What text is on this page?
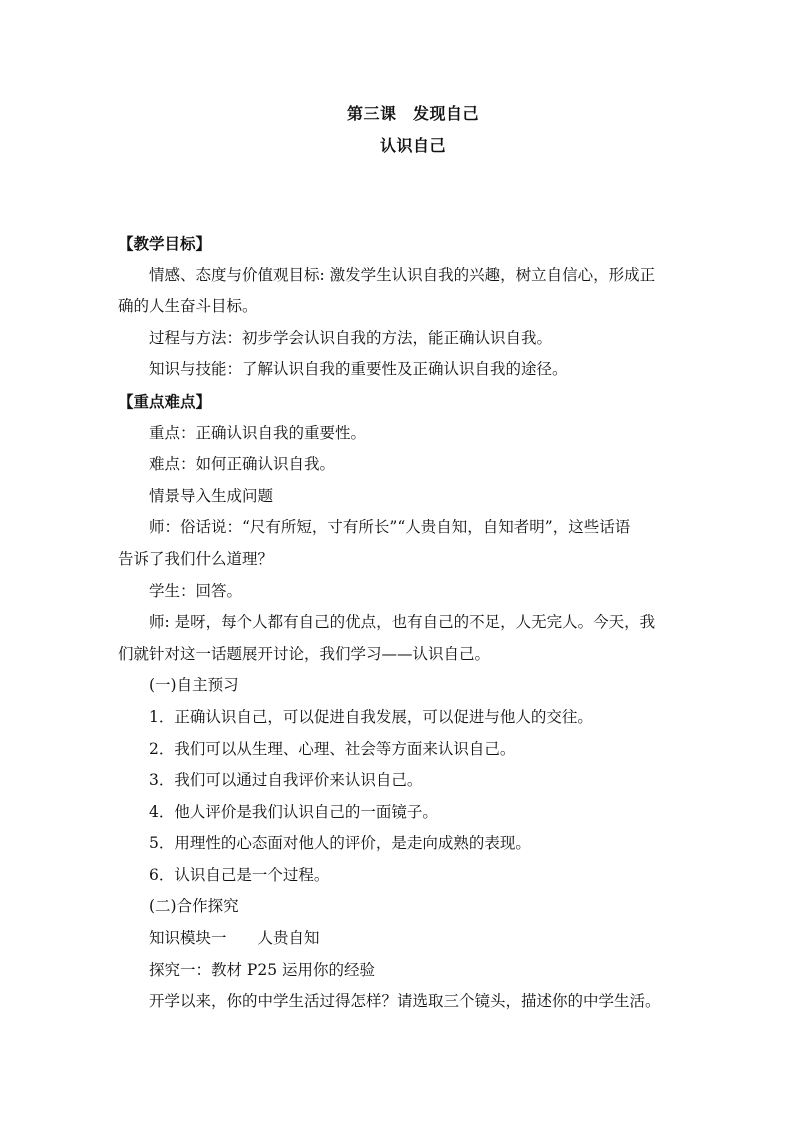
第三课　发现自己
认识自己
【教学目标】
情感、态度与价值观目标: 激发学生认识自我的兴趣，树立自信心，形成正
确的人生奋斗目标。
过程与方法：初步学会认识自我的方法，能正确认识自我。
知识与技能：了解认识自我的重要性及正确认识自我的途径。
【重点难点】
重点：正确认识自我的重要性。
难点：如何正确认识自我。
情景导入生成问题
师：俗话说：“尺有所短，寸有所长”“人贵自知，自知者明”，这些话语
告诉了我们什么道理？
学生：回答。
师: 是呀，每个人都有自己的优点，也有自己的不足，人无完人。今天，我
们就针对这一话题展开讨论，我们学习——认识自己。
(一)自主预习
1．正确认识自己，可以促进自我发展，可以促进与他人的交往。
2．我们可以从生理、心理、社会等方面来认识自己。
3．我们可以通过自我评价来认识自己。
4．他人评价是我们认识自己的一面镜子。
5．用理性的心态面对他人的评价，是走向成熟的表现。
6．认识自己是一个过程。
(二)合作探究
知识模块一　　人贵自知
探究一：教材 P25 运用你的经验
开学以来，你的中学生活过得怎样？请选取三个镜头，描述你的中学生活。
